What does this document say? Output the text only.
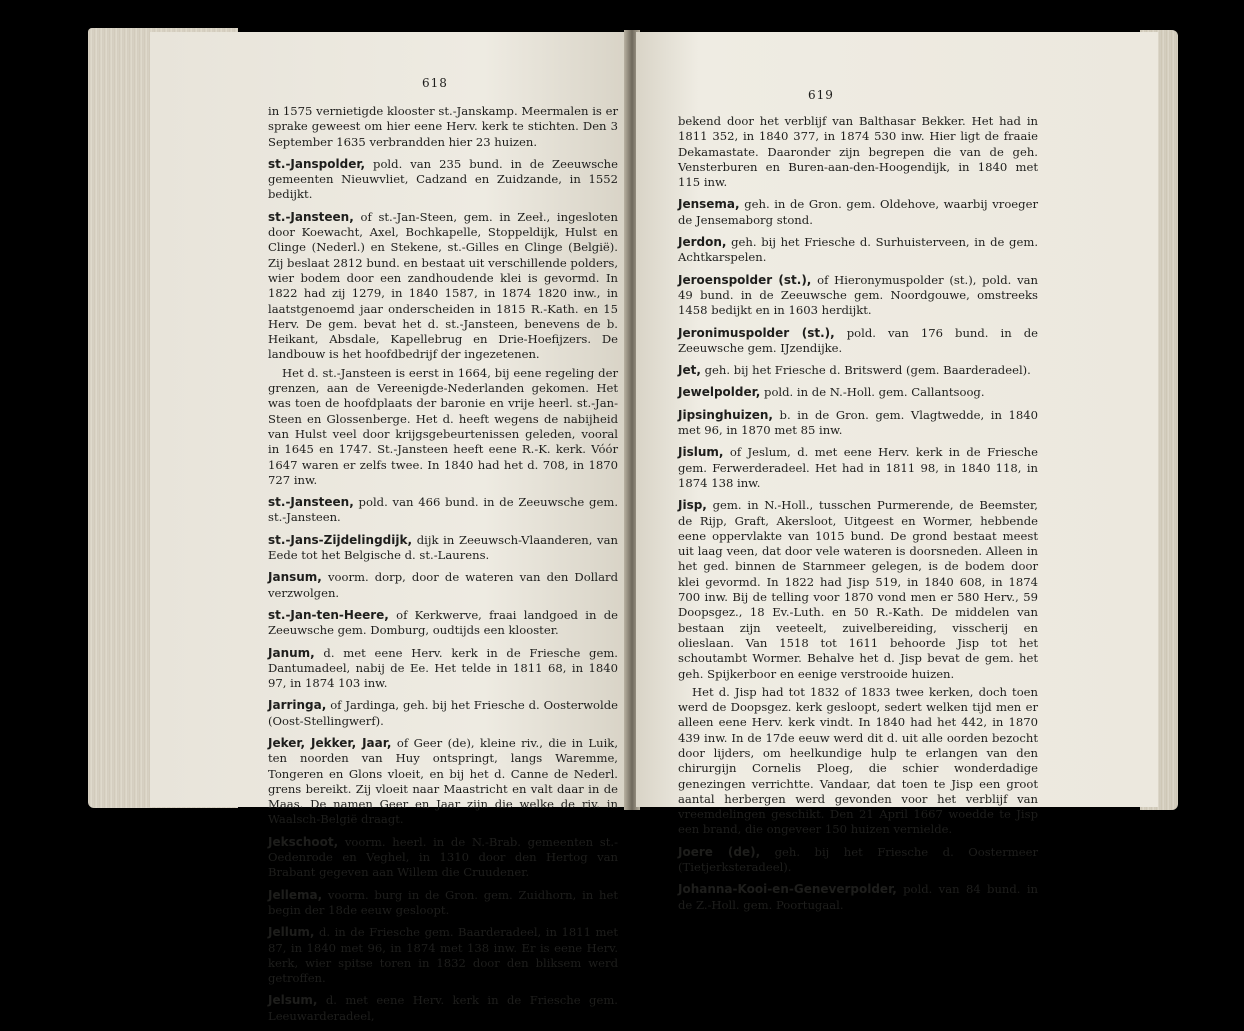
618

in 1575 vernietigde klooster st.-Janskamp. Meermalen is er sprake geweest om hier eene Herv. kerk te stichten. Den 3 September 1635 verbrandden hier 23 huizen.

st.-Janspolder, pold. van 235 bund. in de Zeeuwsche gemeenten Nieuwvliet, Cadzand en Zuidzande, in 1552 bedijkt.

st.-Jansteen, of st.-Jan-Steen, gem. in Zeeł., ingesloten door Koewacht, Axel, Bochkapelle, Stoppeldijk, Hulst en Clinge (Nederl.) en Stekene, st.-Gilles en Clinge (België). Zij beslaat 2812 bund. en bestaat uit verschillende polders, wier bodem door een zandhoudende klei is gevormd. In 1822 had zij 1279, in 1840 1587, in 1874 1820 inw., in laatstgenoemd jaar onderscheiden in 1815 R.-Kath. en 15 Herv. De gem. bevat het d. st.-Jansteen, benevens de b. Heikant, Absdale, Kapellebrug en Drie-Hoefijzers. De landbouw is het hoofdbedrijf der ingezetenen.

Het d. st.-Jansteen is eerst in 1664, bij eene regeling der grenzen, aan de Vereenigde-Nederlanden gekomen. Het was toen de hoofdplaats der baronie en vrije heerl. st.-Jan-Steen en Glossenberge. Het d. heeft wegens de nabijheid van Hulst veel door krijgsgebeurtenissen geleden, vooral in 1645 en 1747. St.-Jansteen heeft eene R.-K. kerk. Vóór 1647 waren er zelfs twee. In 1840 had het d. 708, in 1870 727 inw.

st.-Jansteen, pold. van 466 bund. in de Zeeuwsche gem. st.-Jansteen.

st.-Jans-Zijdelingdijk, dijk in Zeeuwsch-Vlaanderen, van Eede tot het Belgische d. st.-Laurens.

Jansum, voorm. dorp, door de wateren van den Dollard verzwolgen.

st.-Jan-ten-Heere, of Kerkwerve, fraai landgoed in de Zeeuwsche gem. Domburg, oudtijds een klooster.

Janum, d. met eene Herv. kerk in de Friesche gem. Dantumadeel, nabij de Ee. Het telde in 1811 68, in 1840 97, in 1874 103 inw.

Jarringa, of Jardinga, geh. bij het Friesche d. Oosterwolde (Oost-Stellingwerf).

Jeker, Jekker, Jaar, of Geer (de), kleine riv., die in Luik, ten noorden van Huy ontspringt, langs Waremme, Tongeren en Glons vloeit, en bij het d. Canne de Nederl. grens bereikt. Zij vloeit naar Maastricht en valt daar in de Maas. De namen Geer en Jaar zijn die welke de riv. in Waalsch-België draagt.

Jekschoot, voorm. heerl. in de N.-Brab. gemeenten st.-Oedenrode en Veghel, in 1310 door den Hertog van Brabant gegeven aan Willem die Cruudener.

Jellema, voorm. burg in de Gron. gem. Zuidhorn, in het begin der 18de eeuw gesloopt.

Jellum, d. in de Friesche gem. Baarderadeel, in 1811 met 87, in 1840 met 96, in 1874 met 138 inw. Er is eene Herv. kerk, wier spitse toren in 1832 door den bliksem werd getroffen.

Jelsum, d. met eene Herv. kerk in de Friesche gem. Leeuwarderadeel,

619

bekend door het verblijf van Balthasar Bekker. Het had in 1811 352, in 1840 377, in 1874 530 inw. Hier ligt de fraaie Dekamastate. Daaronder zijn begrepen die van de geh. Vensterburen en Buren-aan-den-Hoogendijk, in 1840 met 115 inw.

Jensema, geh. in de Gron. gem. Oldehove, waarbij vroeger de Jensemaborg stond.

Jerdon, geh. bij het Friesche d. Surhuisterveen, in de gem. Achtkarspelen.

Jeroenspolder (st.), of Hieronymuspolder (st.), pold. van 49 bund. in de Zeeuwsche gem. Noordgouwe, omstreeks 1458 bedijkt en in 1603 herdijkt.

Jeronimuspolder (st.), pold. van 176 bund. in de Zeeuwsche gem. IJzendijke.

Jet, geh. bij het Friesche d. Britswerd (gem. Baarderadeel).

Jewelpolder, pold. in de N.-Holl. gem. Callantsoog.

Jipsinghuizen, b. in de Gron. gem. Vlagtwedde, in 1840 met 96, in 1870 met 85 inw.

Jislum, of Jeslum, d. met eene Herv. kerk in de Friesche gem. Ferwerderadeel. Het had in 1811 98, in 1840 118, in 1874 138 inw.

Jisp, gem. in N.-Holl., tusschen Purmerende, de Beemster, de Rijp, Graft, Akersloot, Uitgeest en Wormer, hebbende eene oppervlakte van 1015 bund. De grond bestaat meest uit laag veen, dat door vele wateren is doorsneden. Alleen in het ged. binnen de Starnmeer gelegen, is de bodem door klei gevormd. In 1822 had Jisp 519, in 1840 608, in 1874 700 inw. Bij de telling voor 1870 vond men er 580 Herv., 59 Doopsgez., 18 Ev.-Luth. en 50 R.-Kath. De middelen van bestaan zijn veeteelt, zuivelbereiding, visscherij en olieslaan. Van 1518 tot 1611 behoorde Jisp tot het schoutambt Wormer. Behalve het d. Jisp bevat de gem. het geh. Spijkerboor en eenige verstrooide huizen.

Het d. Jisp had tot 1832 of 1833 twee kerken, doch toen werd de Doopsgez. kerk gesloopt, sedert welken tijd men er alleen eene Herv. kerk vindt. In 1840 had het 442, in 1870 439 inw. In de 17de eeuw werd dit d. uit alle oorden bezocht door lijders, om heelkundige hulp te erlangen van den chirurgijn Cornelis Ploeg, die schier wonderdadige genezingen verrichtte. Vandaar, dat toen te Jisp een groot aantal herbergen werd gevonden voor het verblijf van vreemdelingen geschikt. Den 21 April 1667 woedde te Jisp een brand, die ongeveer 150 huizen vernielde.

Joere (de), geh. bij het Friesche d. Oostermeer (Tietjerksteradeel).

Johanna-Kooi-en-Geneverpolder, pold. van 84 bund. in de Z.-Holl. gem. Poortugaal.
